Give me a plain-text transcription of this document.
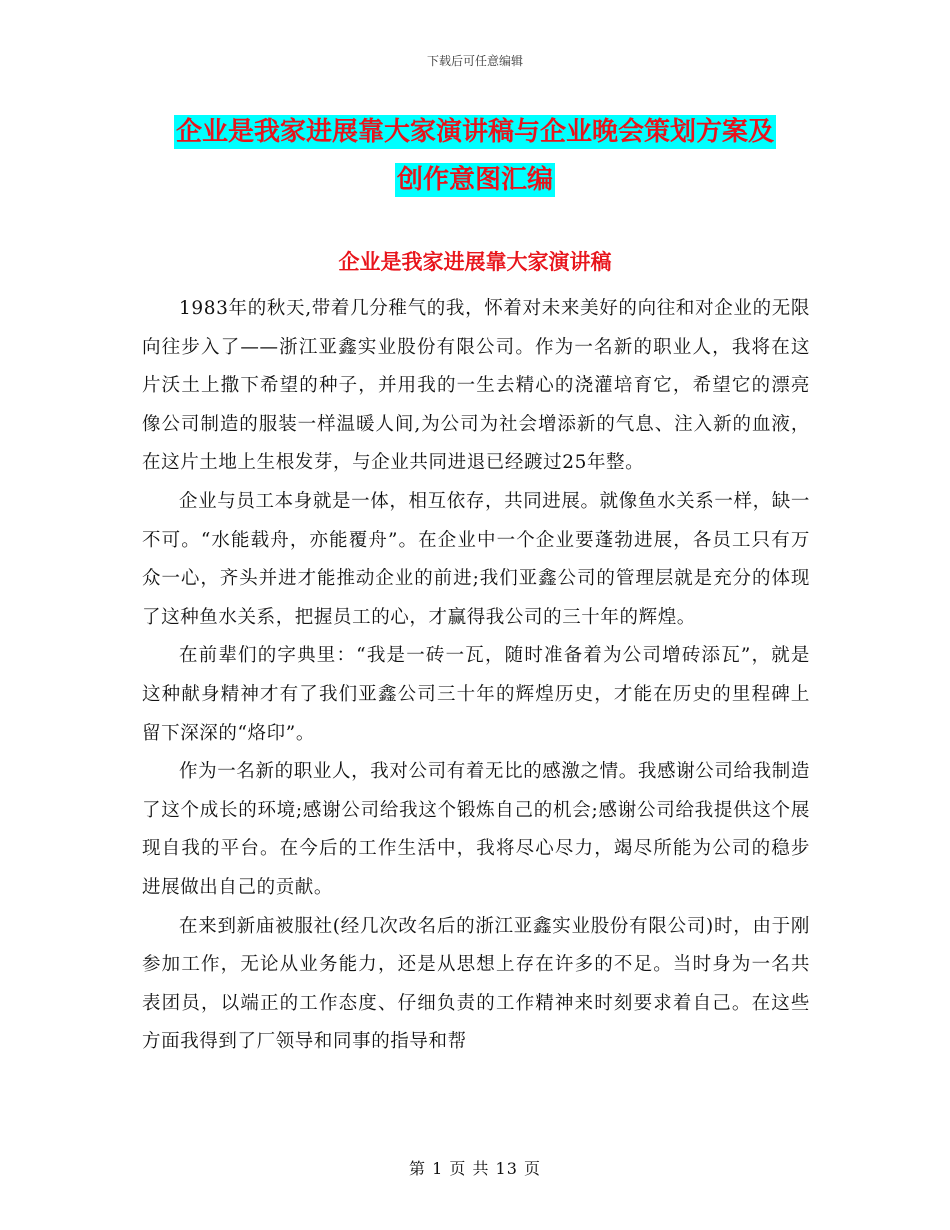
下载后可任意编辑
企业是我家进展靠大家演讲稿与企业晚会策划方案及
创作意图汇编
企业是我家进展靠大家演讲稿

1983年的秋天,带着几分稚气的我，怀着对未来美好的向往和对企业的无限向往步入了——浙江亚鑫实业股份有限公司。作为一名新的职业人，我将在这片沃土上撒下希望的种子，并用我的一生去精心的浇灌培育它，希望它的漂亮像公司制造的服装一样温暖人间,为公司为社会增添新的气息、注入新的血液，在这片土地上生根发芽，与企业共同进退已经踱过25年整。

企业与员工本身就是一体，相互依存，共同进展。就像鱼水关系一样，缺一不可。“水能载舟，亦能覆舟”。在企业中一个企业要蓬勃进展，各员工只有万众一心，齐头并进才能推动企业的前进;我们亚鑫公司的管理层就是充分的体现了这种鱼水关系，把握员工的心，才赢得我公司的三十年的辉煌。

在前辈们的字典里：“我是一砖一瓦，随时准备着为公司增砖添瓦”，就是这种献身精神才有了我们亚鑫公司三十年的辉煌历史，才能在历史的里程碑上留下深深的“烙印”。

作为一名新的职业人，我对公司有着无比的感激之情。我感谢公司给我制造了这个成长的环境;感谢公司给我这个锻炼自己的机会;感谢公司给我提供这个展现自我的平台。在今后的工作生活中，我将尽心尽力，竭尽所能为公司的稳步进展做出自己的贡献。

在来到新庙被服社(经几次改名后的浙江亚鑫实业股份有限公司)时，由于刚参加工作，无论从业务能力，还是从思想上存在许多的不足。当时身为一名共表团员，以端正的工作态度、仔细负责的工作精神来时刻要求着自己。在这些方面我得到了厂领导和同事的指导和帮

第 1 页 共 13 页
